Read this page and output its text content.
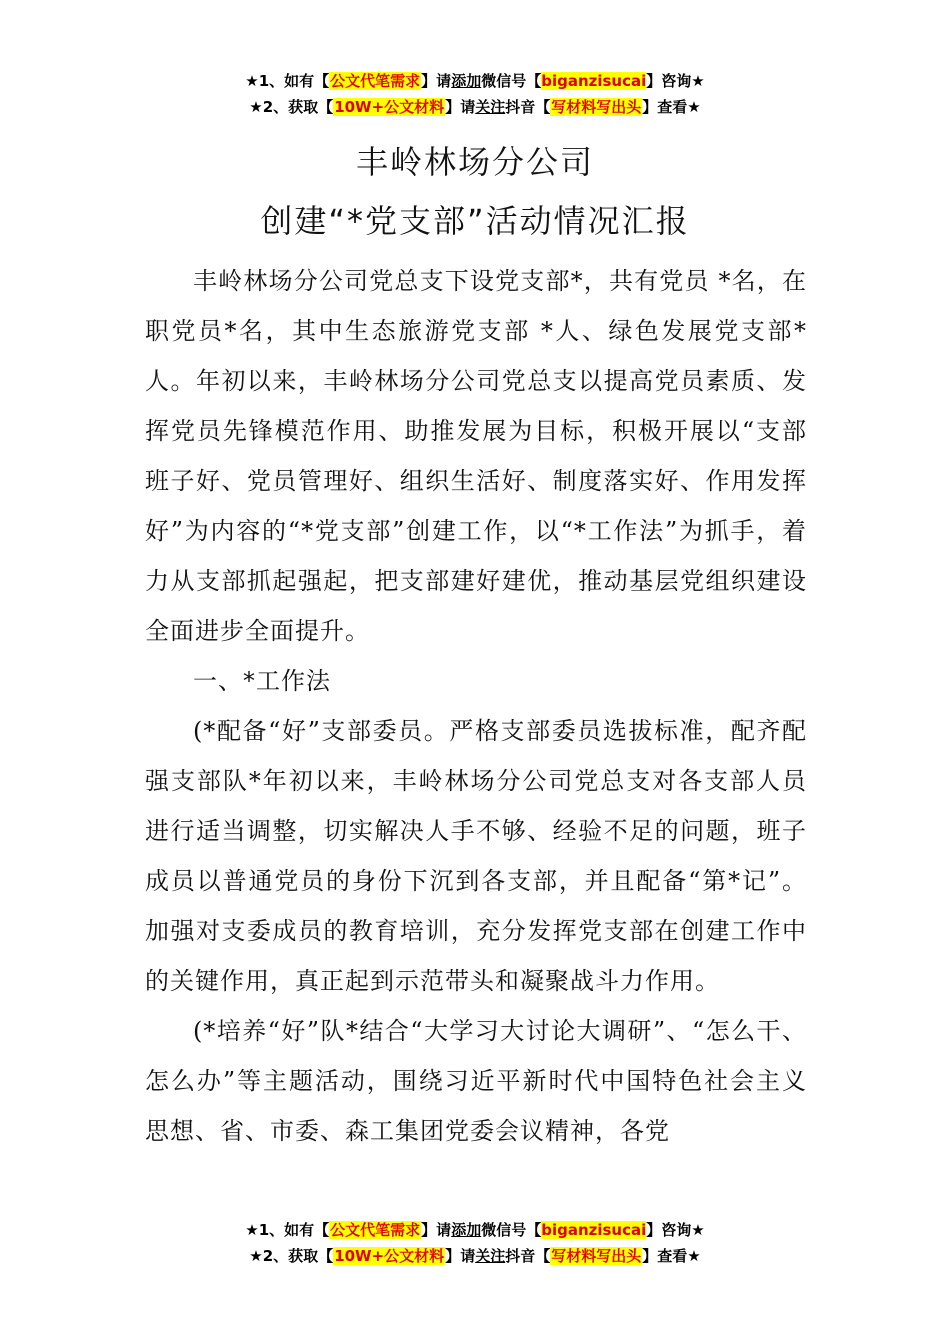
★1、如有【公文代笔需求】请添加微信号【biganzisucai】咨询★
★2、获取【10W+公文材料】请关注抖音【写材料写出头】查看★
丰岭林场分公司
创建“*党支部”活动情况汇报

丰岭林场分公司党总支下设党支部*，共有党员 *名，在职党员*名，其中生态旅游党支部 *人、绿色发展党支部* 人。年初以来，丰岭林场分公司党总支以提高党员素质、发挥党员先锋模范作用、助推发展为目标，积极开展以“支部班子好、党员管理好、组织生活好、制度落实好、作用发挥好”为内容的“*党支部”创建工作，以“*工作法”为抓手，着力从支部抓起强起，把支部建好建优，推动基层党组织建设全面进步全面提升。

一、*工作法

(*配备“好”支部委员。严格支部委员选拔标准，配齐配强支部队*年初以来，丰岭林场分公司党总支对各支部人员进行适当调整，切实解决人手不够、经验不足的问题，班子成员以普通党员的身份下沉到各支部，并且配备“第*记”。加强对支委成员的教育培训，充分发挥党支部在创建工作中的关键作用，真正起到示范带头和凝聚战斗力作用。

(*培养“好”队*结合“大学习大讨论大调研”、“怎么干、怎么办”等主题活动，围绕习近平新时代中国特色社会主义思想、省、市委、森工集团党委会议精神，各党

★1、如有【公文代笔需求】请添加微信号【biganzisucai】咨询★
★2、获取【10W+公文材料】请关注抖音【写材料写出头】查看★
